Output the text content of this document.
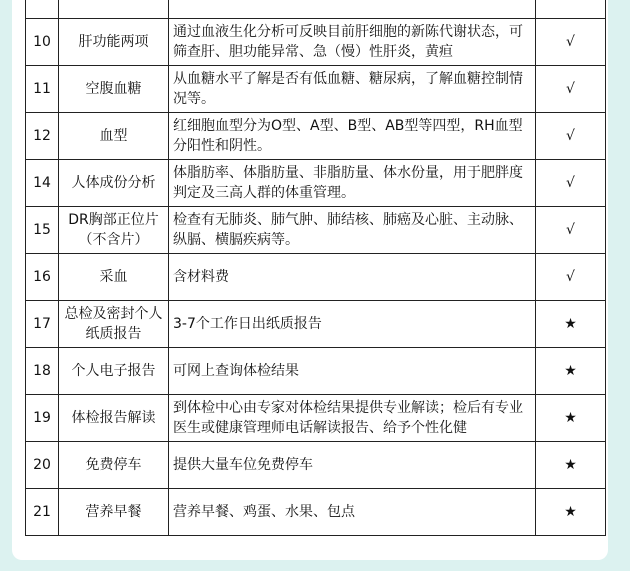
10	肝功能两项	通过血液生化分析可反映目前肝细胞的新陈代谢状态，可筛查肝、胆功能异常、急（慢）性肝炎，黄疸	√
11	空腹血糖	从血糖水平了解是否有低血糖、糖尿病，了解血糖控制情况等。	√
12	血型	红细胞血型分为O型、A型、B型、AB型等四型，RH血型分阳性和阴性。	√
14	人体成份分析	体脂肪率、体脂肪量、非脂肪量、体水份量，用于肥胖度判定及三高人群的体重管理。	√
15	DR胸部正位片（不含片）	检查有无肺炎、肺气肿、肺结核、肺癌及心脏、主动脉、纵膈、横膈疾病等。	√
16	采血	含材料费	√
17	总检及密封个人纸质报告	3-7个工作日出纸质报告	★
18	个人电子报告	可网上查询体检结果	★
19	体检报告解读	到体检中心由专家对体检结果提供专业解读；检后有专业医生或健康管理师电话解读报告、给予个性化健	★
20	免费停车	提供大量车位免费停车	★
21	营养早餐	营养早餐、鸡蛋、水果、包点	★
